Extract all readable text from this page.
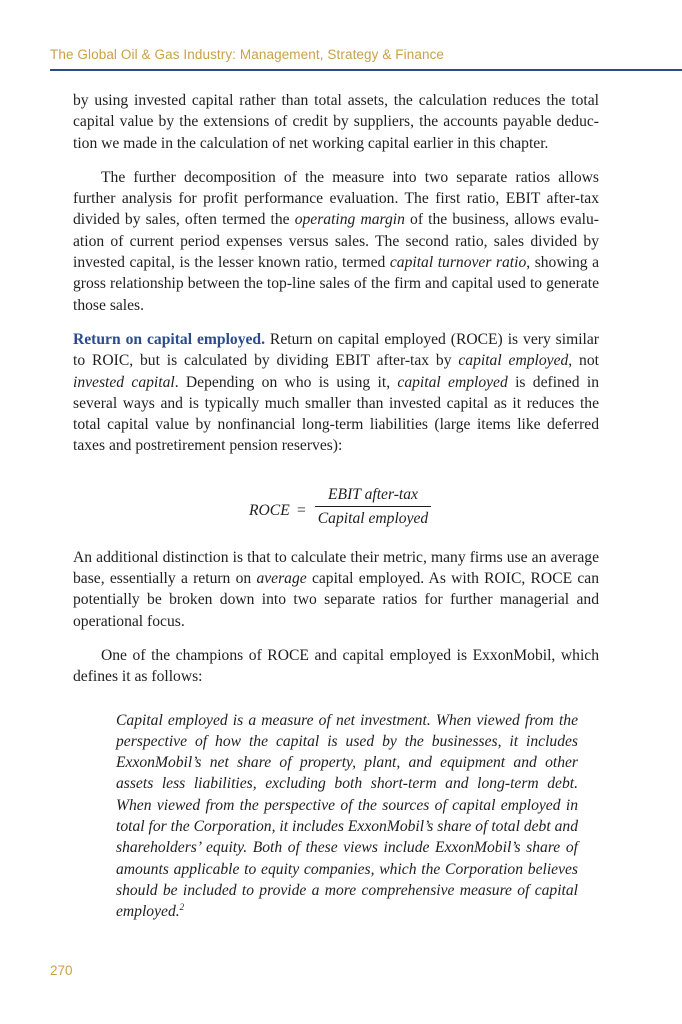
The Global Oil & Gas Industry: Management, Strategy & Finance

by using invested capital rather than total assets, the calculation reduces the total capital value by the extensions of credit by suppliers, the accounts payable deduction we made in the calculation of net working capital earlier in this chapter.

The further decomposition of the measure into two separate ratios allows further analysis for profit performance evaluation. The first ratio, EBIT after-tax divided by sales, often termed the operating margin of the business, allows evaluation of current period expenses versus sales. The second ratio, sales divided by invested capital, is the lesser known ratio, termed capital turnover ratio, showing a gross relationship between the top-line sales of the firm and capital used to generate those sales.

Return on capital employed. Return on capital employed (ROCE) is very similar to ROIC, but is calculated by dividing EBIT after-tax by capital employed, not invested capital. Depending on who is using it, capital employed is defined in several ways and is typically much smaller than invested capital as it reduces the total capital value by nonfinancial long-term liabilities (large items like deferred taxes and postretirement pension reserves):

ROCE =
EBIT after-tax
Capital employed

An additional distinction is that to calculate their metric, many firms use an average base, essentially a return on average capital employed. As with ROIC, ROCE can potentially be broken down into two separate ratios for further managerial and operational focus.

One of the champions of ROCE and capital employed is ExxonMobil, which defines it as follows:

Capital employed is a measure of net investment. When viewed from the perspective of how the capital is used by the businesses, it includes ExxonMobil’s net share of property, plant, and equipment and other assets less liabilities, excluding both short-term and long-term debt. When viewed from the perspective of the sources of capital employed in total for the Corporation, it includes ExxonMobil’s share of total debt and shareholders’ equity. Both of these views include ExxonMobil’s share of amounts applicable to equity companies, which the Corporation believes should be included to provide a more comprehensive measure of capital employed.$^2$
270
